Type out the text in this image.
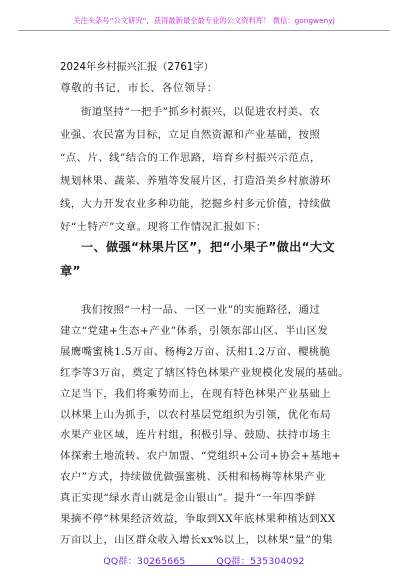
关注头条号“公文研究”，获得最新最全最专业的公文资料库！ 微信：gongwenyj
2024年乡村振兴汇报（2761字）
尊敬的书记，市长、各位领导：
街道坚持“一把手”抓乡村振兴，以促进农村美、农
业强、农民富为目标，立足自然资源和产业基础，按照
“点、片、线”结合的工作思路，培育乡村振兴示范点，
规划林果、蔬菜、养殖等发展片区，打造沿美乡村旅游环
线，大力开发农业多种功能，挖掘乡村多元价值，持续做
好“土特产”文章。现将工作情况汇报如下：
一、做强“林果片区”，把“小果子”做出“大文
章”
我们按照“一村一品、一区一业”的实施路径，通过
建立“党建+生态+产业”体系，引领东部山区、半山区发
展鹰嘴蜜桃1.5万亩、杨梅2万亩、沃柑1.2万亩、樱桃脆
红李等3万亩，奠定了辖区特色林果产业规模化发展的基础。
立足当下，我们将乘势而上，在现有特色林果产业基础上
以林果上山为抓手，以农村基层党组织为引领，优化布局
水果产业区域，连片村组，积极引导、鼓励、扶持市场主
体探索土地流转、农户加盟、“党组织+公司+协会+基地+
农户”方式，持续做优做强蜜桃、沃柑和杨梅等林果产业
真正实现“绿水青山就是金山银山”。提升“一年四季鲜
果摘不停”林果经济效益，争取到XX年底林果种植达到XX
万亩以上，山区群众收入增长xx%以上，以林果“量”的集
QQ群：30265665	QQ群：535304092
